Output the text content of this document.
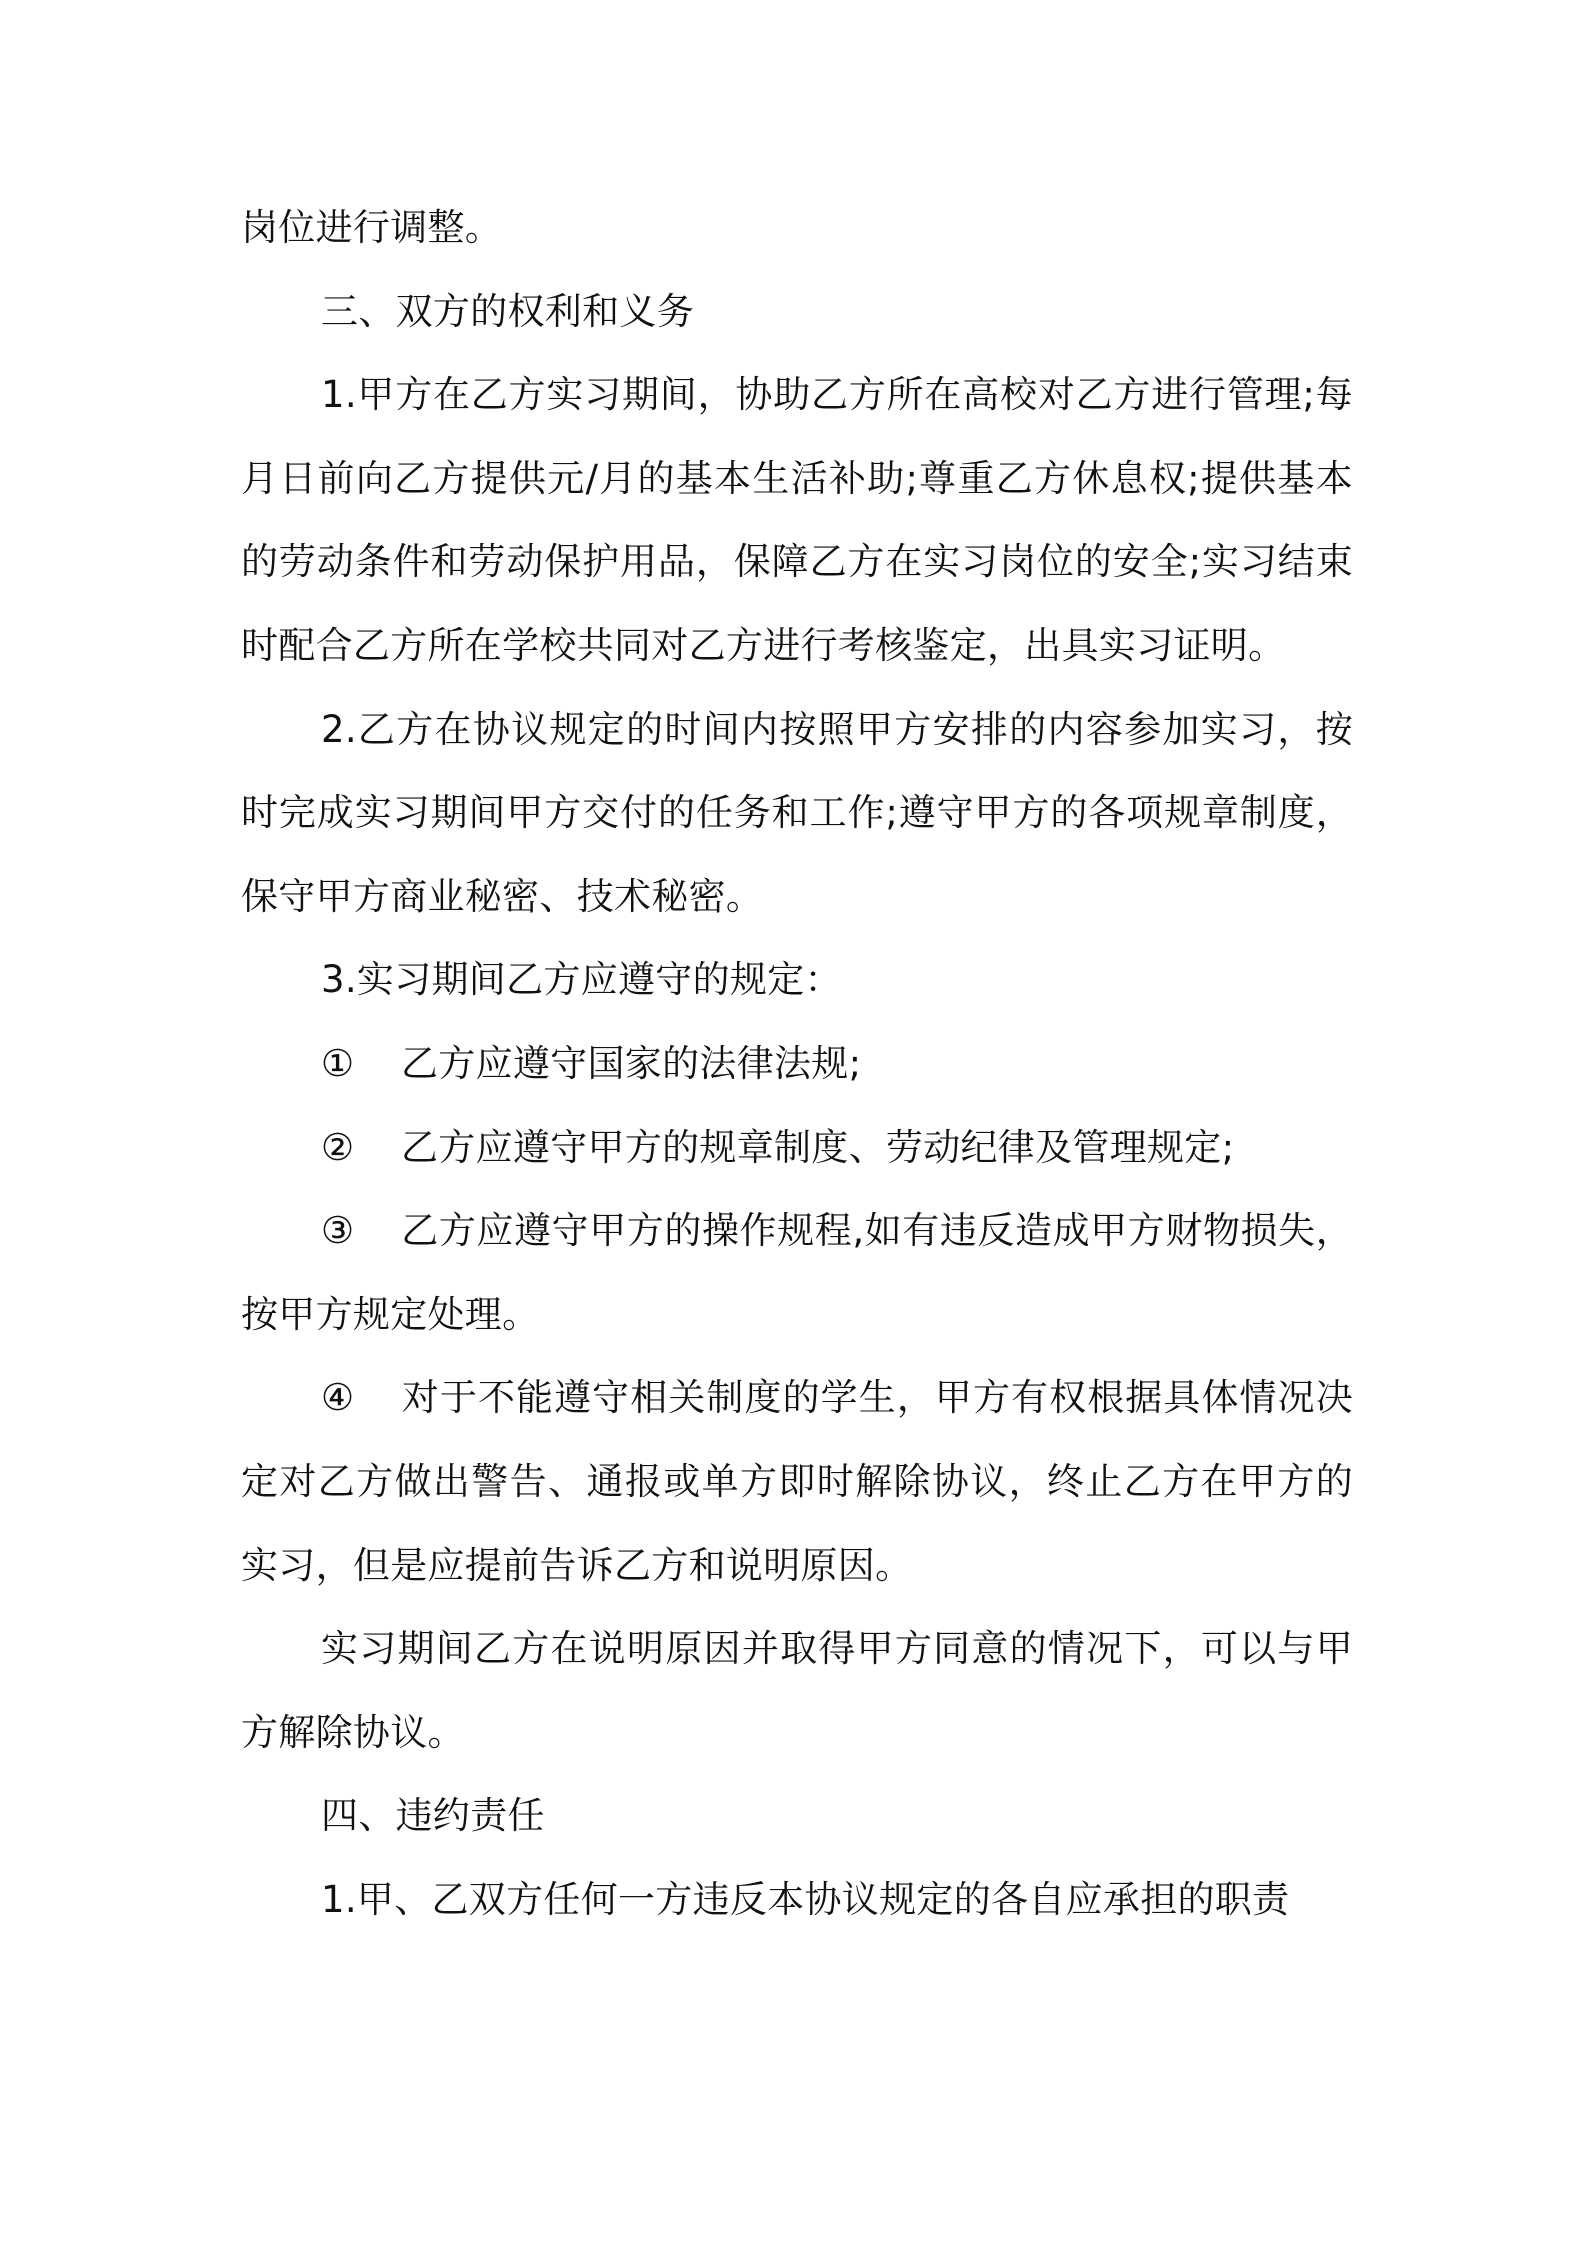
岗位进行调整。

三、双方的权利和义务

1.甲方在乙方实习期间，协助乙方所在高校对乙方进行管理;每月日前向乙方提供元/月的基本生活补助;尊重乙方休息权;提供基本的劳动条件和劳动保护用品，保障乙方在实习岗位的安全;实习结束时配合乙方所在学校共同对乙方进行考核鉴定，出具实习证明。

2.乙方在协议规定的时间内按照甲方安排的内容参加实习，按时完成实习期间甲方交付的任务和工作;遵守甲方的各项规章制度，保守甲方商业秘密、技术秘密。

3.实习期间乙方应遵守的规定：

① 乙方应遵守国家的法律法规;

② 乙方应遵守甲方的规章制度、劳动纪律及管理规定;

③ 乙方应遵守甲方的操作规程,如有违反造成甲方财物损失，按甲方规定处理。

④ 对于不能遵守相关制度的学生，甲方有权根据具体情况决定对乙方做出警告、通报或单方即时解除协议，终止乙方在甲方的实习，但是应提前告诉乙方和说明原因。

实习期间乙方在说明原因并取得甲方同意的情况下，可以与甲方解除协议。

四、违约责任

1.甲、乙双方任何一方违反本协议规定的各自应承担的职责
